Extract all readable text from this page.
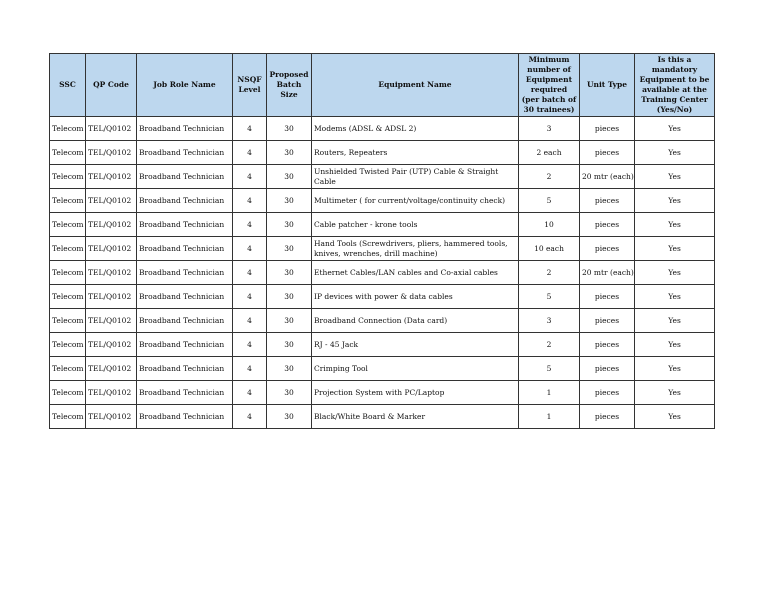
SSC	QP Code	Job Role Name	NSQF Level	Proposed Batch Size	Equipment Name	Minimum number of Equipment required (per batch of 30 trainees)	Unit Type	Is this a mandatory Equipment to be available at the Training Center (Yes/No)
Telecom	TEL/Q0102	Broadband Technician	4	30	Modems (ADSL & ADSL 2)	3	pieces	Yes
Telecom	TEL/Q0102	Broadband Technician	4	30	Routers, Repeaters	2 each	pieces	Yes
Telecom	TEL/Q0102	Broadband Technician	4	30	Unshielded Twisted Pair (UTP) Cable & Straight Cable	2	20 mtr (each)	Yes
Telecom	TEL/Q0102	Broadband Technician	4	30	Multimeter ( for current/voltage/continuity check)	5	pieces	Yes
Telecom	TEL/Q0102	Broadband Technician	4	30	Cable patcher - krone tools	10	pieces	Yes
Telecom	TEL/Q0102	Broadband Technician	4	30	Hand Tools (Screwdrivers, pliers, hammered tools, knives, wrenches, drill machine)	10 each	pieces	Yes
Telecom	TEL/Q0102	Broadband Technician	4	30	Ethernet Cables/LAN cables and Co-axial cables	2	20 mtr (each)	Yes
Telecom	TEL/Q0102	Broadband Technician	4	30	IP devices with power & data cables	5	pieces	Yes
Telecom	TEL/Q0102	Broadband Technician	4	30	Broadband Connection (Data card)	3	pieces	Yes
Telecom	TEL/Q0102	Broadband Technician	4	30	RJ - 45 Jack	2	pieces	Yes
Telecom	TEL/Q0102	Broadband Technician	4	30	Crimping Tool	5	pieces	Yes
Telecom	TEL/Q0102	Broadband Technician	4	30	Projection System with PC/Laptop	1	pieces	Yes
Telecom	TEL/Q0102	Broadband Technician	4	30	Black/White Board & Marker	1	pieces	Yes
